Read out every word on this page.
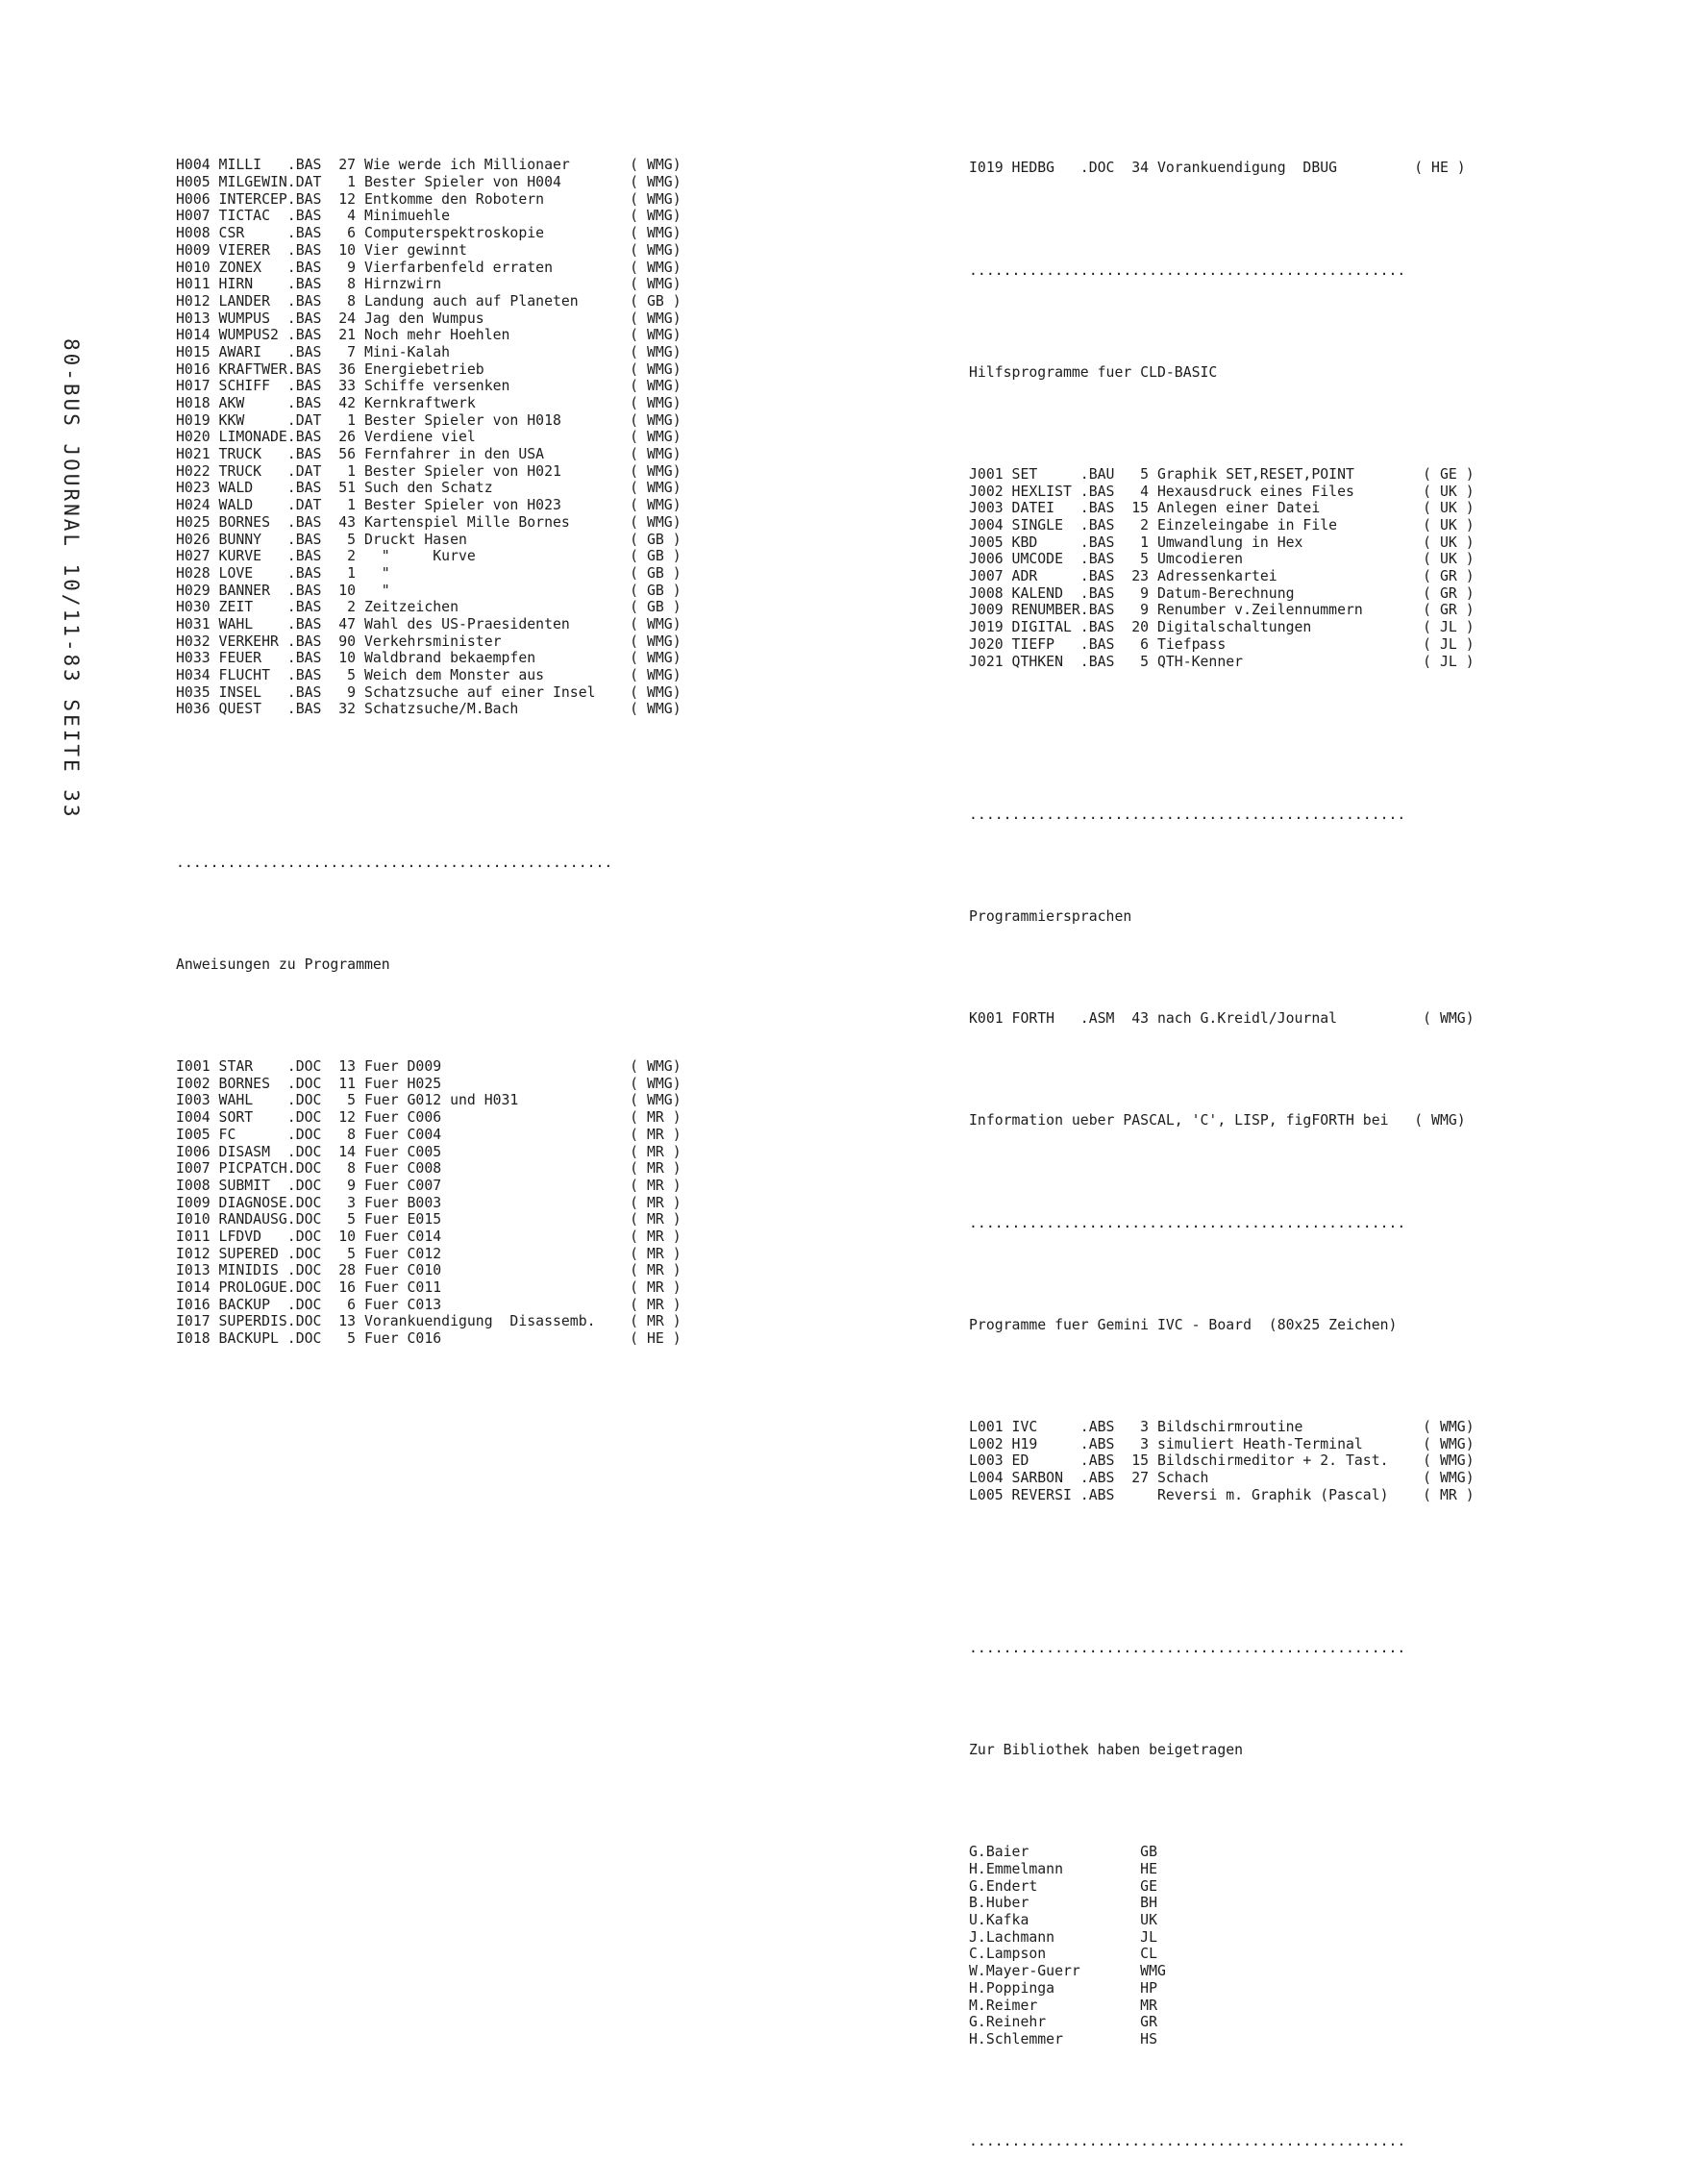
80-BUS JOURNAL 10/11-83 SEITE 33

H004 MILLI   .BAS  27 Wie werde ich Millionaer       ( WMG)
H005 MILGEWIN.DAT   1 Bester Spieler von H004        ( WMG)
H006 INTERCEP.BAS  12 Entkomme den Robotern          ( WMG)
H007 TICTAC  .BAS   4 Minimuehle                     ( WMG)
H008 CSR     .BAS   6 Computerspektroskopie          ( WMG)
H009 VIERER  .BAS  10 Vier gewinnt                   ( WMG)
H010 ZONEX   .BAS   9 Vierfarbenfeld erraten         ( WMG)
H011 HIRN    .BAS   8 Hirnzwirn                      ( WMG)
H012 LANDER  .BAS   8 Landung auch auf Planeten      ( GB )
H013 WUMPUS  .BAS  24 Jag den Wumpus                 ( WMG)
H014 WUMPUS2 .BAS  21 Noch mehr Hoehlen              ( WMG)
H015 AWARI   .BAS   7 Mini-Kalah                     ( WMG)
H016 KRAFTWER.BAS  36 Energiebetrieb                 ( WMG)
H017 SCHIFF  .BAS  33 Schiffe versenken              ( WMG)
H018 AKW     .BAS  42 Kernkraftwerk                  ( WMG)
H019 KKW     .DAT   1 Bester Spieler von H018        ( WMG)
H020 LIMONADE.BAS  26 Verdiene viel                  ( WMG)
H021 TRUCK   .BAS  56 Fernfahrer in den USA          ( WMG)
H022 TRUCK   .DAT   1 Bester Spieler von H021        ( WMG)
H023 WALD    .BAS  51 Such den Schatz                ( WMG)
H024 WALD    .DAT   1 Bester Spieler von H023        ( WMG)
H025 BORNES  .BAS  43 Kartenspiel Mille Bornes       ( WMG)
H026 BUNNY   .BAS   5 Druckt Hasen                   ( GB )
H027 KURVE   .BAS   2   "     Kurve                  ( GB )
H028 LOVE    .BAS   1   "                            ( GB )
H029 BANNER  .BAS  10   "                            ( GB )
H030 ZEIT    .BAS   2 Zeitzeichen                    ( GB )
H031 WAHL    .BAS  47 Wahl des US-Praesidenten       ( WMG)
H032 VERKEHR .BAS  90 Verkehrsminister               ( WMG)
H033 FEUER   .BAS  10 Waldbrand bekaempfen           ( WMG)
H034 FLUCHT  .BAS   5 Weich dem Monster aus          ( WMG)
H035 INSEL   .BAS   9 Schatzsuche auf einer Insel    ( WMG)
H036 QUEST   .BAS  32 Schatzsuche/M.Bach             ( WMG)

...................................................

Anweisungen zu Programmen

I001 STAR    .DOC  13 Fuer D009                      ( WMG)
I002 BORNES  .DOC  11 Fuer H025                      ( WMG)
I003 WAHL    .DOC   5 Fuer G012 und H031             ( WMG)
I004 SORT    .DOC  12 Fuer C006                      ( MR )
I005 FC      .DOC   8 Fuer C004                      ( MR )
I006 DISASM  .DOC  14 Fuer C005                      ( MR )
I007 PICPATCH.DOC   8 Fuer C008                      ( MR )
I008 SUBMIT  .DOC   9 Fuer C007                      ( MR )
I009 DIAGNOSE.DOC   3 Fuer B003                      ( MR )
I010 RANDAUSG.DOC   5 Fuer E015                      ( MR )
I011 LFDVD   .DOC  10 Fuer C014                      ( MR )
I012 SUPERED .DOC   5 Fuer C012                      ( MR )
I013 MINIDIS .DOC  28 Fuer C010                      ( MR )
I014 PROLOGUE.DOC  16 Fuer C011                      ( MR )
I016 BACKUP  .DOC   6 Fuer C013                      ( MR )
I017 SUPERDIS.DOC  13 Vorankuendigung  Disassemb.    ( MR )
I018 BACKUPL .DOC   5 Fuer C016                      ( HE )

I019 HEDBG   .DOC  34 Vorankuendigung  DBUG         ( HE )

...................................................

Hilfsprogramme fuer CLD-BASIC

J001 SET     .BAU   5 Graphik SET,RESET,POINT        ( GE )
J002 HEXLIST .BAS   4 Hexausdruck eines Files        ( UK )
J003 DATEI   .BAS  15 Anlegen einer Datei            ( UK )
J004 SINGLE  .BAS   2 Einzeleingabe in File          ( UK )
J005 KBD     .BAS   1 Umwandlung in Hex              ( UK )
J006 UMCODE  .BAS   5 Umcodieren                     ( UK )
J007 ADR     .BAS  23 Adressenkartei                 ( GR )
J008 KALEND  .BAS   9 Datum-Berechnung               ( GR )
J009 RENUMBER.BAS   9 Renumber v.Zeilennummern       ( GR )
J019 DIGITAL .BAS  20 Digitalschaltungen             ( JL )
J020 TIEFP   .BAS   6 Tiefpass                       ( JL )
J021 QTHKEN  .BAS   5 QTH-Kenner                     ( JL )

...................................................

Programmiersprachen

K001 FORTH   .ASM  43 nach G.Kreidl/Journal          ( WMG)

Information ueber PASCAL, 'C', LISP, figFORTH bei   ( WMG)

...................................................

Programme fuer Gemini IVC - Board  (80x25 Zeichen)

L001 IVC     .ABS   3 Bildschirmroutine              ( WMG)
L002 H19     .ABS   3 simuliert Heath-Terminal       ( WMG)
L003 ED      .ABS  15 Bildschirmeditor + 2. Tast.    ( WMG)
L004 SARBON  .ABS  27 Schach                         ( WMG)
L005 REVERSI .ABS     Reversi m. Graphik (Pascal)    ( MR )

...................................................

Zur Bibliothek haben beigetragen

G.Baier             GB
H.Emmelmann         HE
G.Endert            GE
B.Huber             BH
U.Kafka             UK
J.Lachmann          JL
C.Lampson           CL
W.Mayer-Guerr       WMG
H.Poppinga          HP
M.Reimer            MR
G.Reinehr           GR
H.Schlemmer         HS

...................................................
